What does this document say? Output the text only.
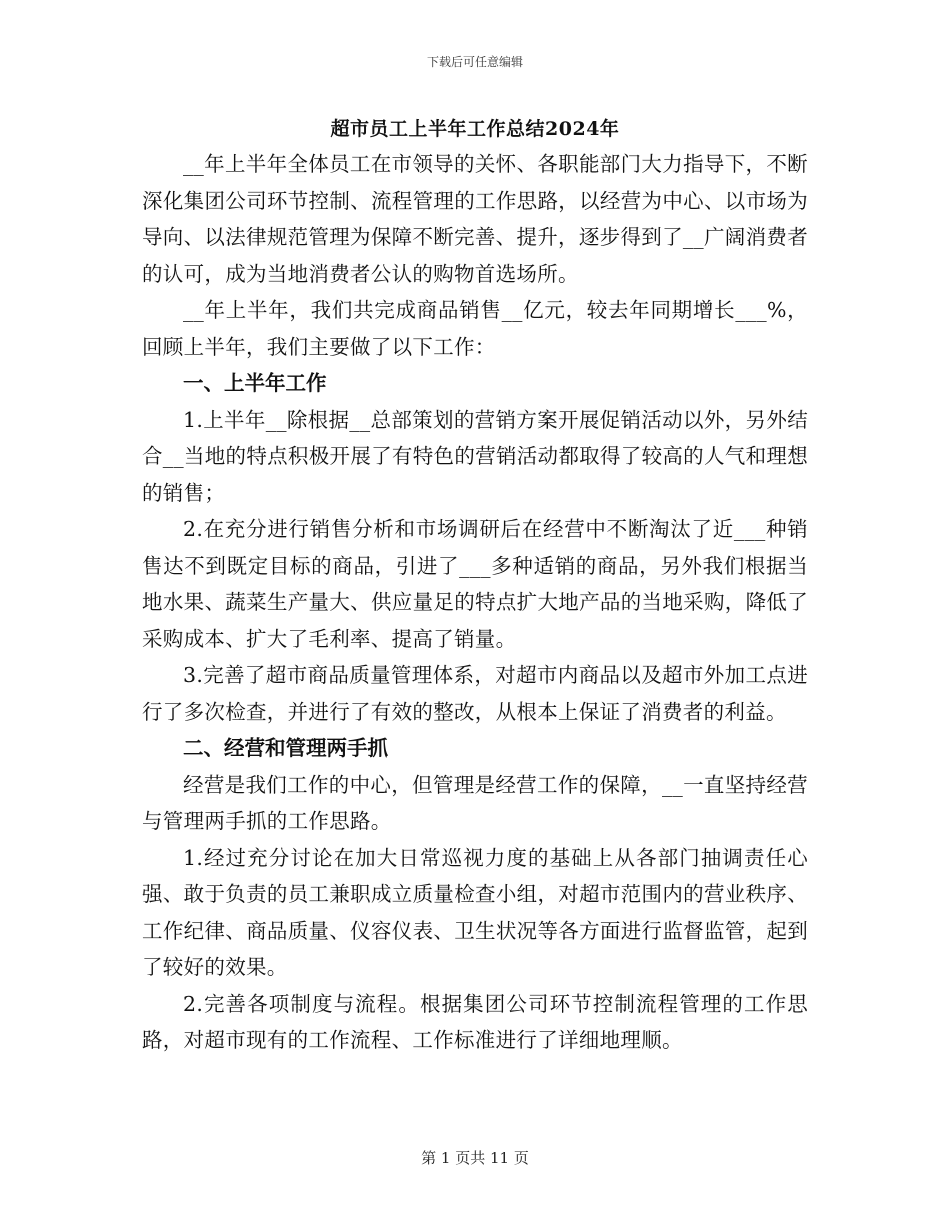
下载后可任意编辑
超市员工上半年工作总结2024年

__年上半年全体员工在市领导的关怀、各职能部门大力指导下，不断深化集团公司环节控制、流程管理的工作思路，以经营为中心、以市场为导向、以法律规范管理为保障不断完善、提升，逐步得到了__广阔消费者的认可，成为当地消费者公认的购物首选场所。

__年上半年，我们共完成商品销售__亿元，较去年同期增长___%，回顾上半年，我们主要做了以下工作：

一、上半年工作

1.上半年__除根据__总部策划的营销方案开展促销活动以外，另外结合__当地的特点积极开展了有特色的营销活动都取得了较高的人气和理想的销售；

2.在充分进行销售分析和市场调研后在经营中不断淘汰了近___种销售达不到既定目标的商品，引进了___多种适销的商品，另外我们根据当地水果、蔬菜生产量大、供应量足的特点扩大地产品的当地采购，降低了采购成本、扩大了毛利率、提高了销量。

3.完善了超市商品质量管理体系，对超市内商品以及超市外加工点进行了多次检查，并进行了有效的整改，从根本上保证了消费者的利益。

二、经营和管理两手抓

经营是我们工作的中心，但管理是经营工作的保障，__一直坚持经营与管理两手抓的工作思路。

1.经过充分讨论在加大日常巡视力度的基础上从各部门抽调责任心强、敢于负责的员工兼职成立质量检查小组，对超市范围内的营业秩序、工作纪律、商品质量、仪容仪表、卫生状况等各方面进行监督监管，起到了较好的效果。

2.完善各项制度与流程。根据集团公司环节控制流程管理的工作思路，对超市现有的工作流程、工作标准进行了详细地理顺。

第 1 页共 11 页
